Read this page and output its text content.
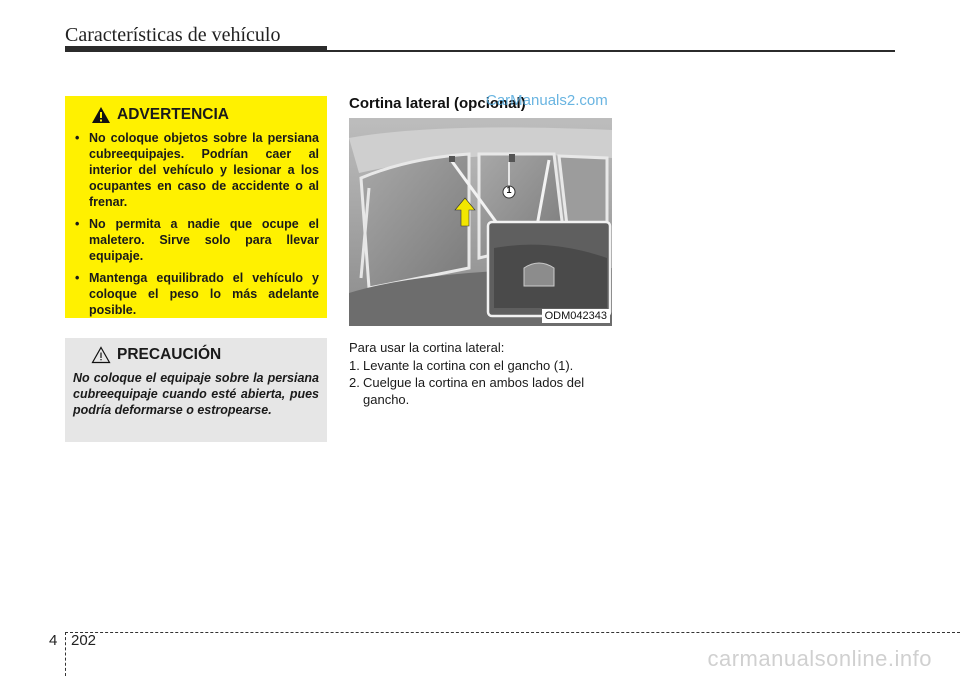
Características de vehículo
ADVERTENCIA
• No coloque objetos sobre la persiana cubreequipajes. Podrían caer al interior del vehículo y lesionar a los ocupantes en caso de accidente o al frenar.
• No permita a nadie que ocupe el maletero. Sirve solo para llevar equipaje.
• Mantenga equilibrado el vehículo y coloque el peso lo más adelante posible.
PRECAUCIÓN
No coloque el equipaje sobre la persiana cubreequipaje cuando esté abierta, pues podría deformarse o estropearse.
Cortina lateral (opcional)
CarManuals2.com
ODM042343
1

Para usar la cortina lateral:

1. Levante la cortina con el gancho (1).
2. Cuelgue la cortina en ambos lados del gancho.
4 202
carmanualsonline.info
